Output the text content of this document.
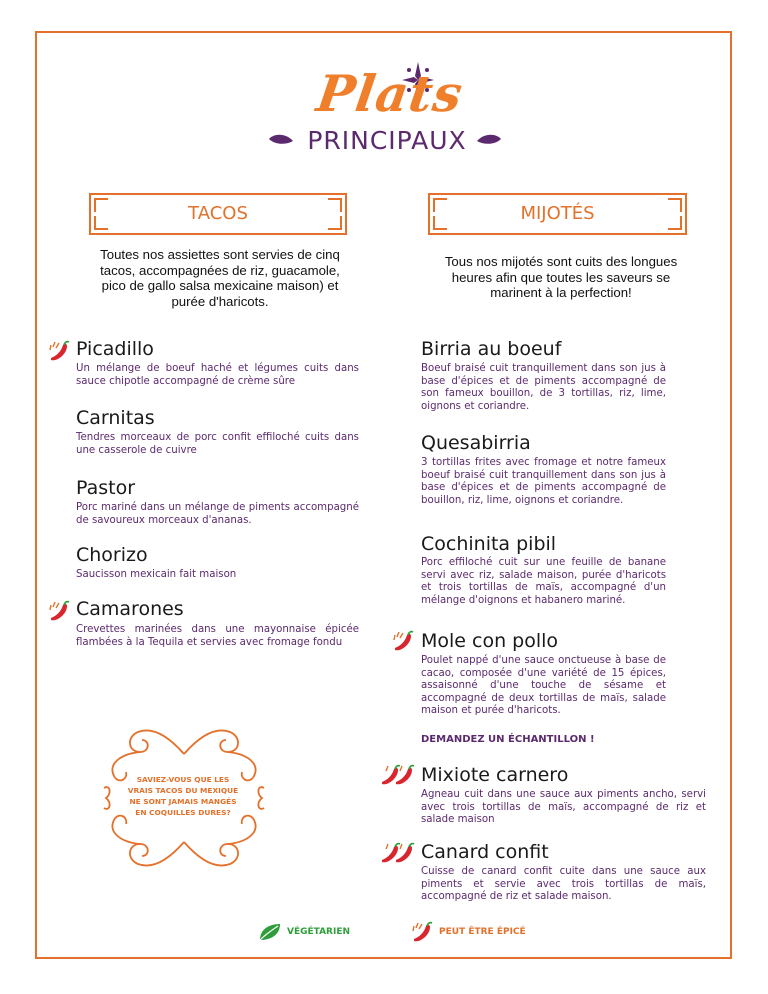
Plats
PRINCIPAUX
TACOS	MIJOTÉS
Toutes nos assiettes sont servies de cinq tacos, accompagnées de riz, guacamole, pico de gallo salsa mexicaine maison) et purée d'haricots.
Tous nos mijotés sont cuits des longues heures afin que toutes les saveurs se marinent à la perfection!
Picadillo
Un mélange de boeuf haché et légumes cuits dans sauce chipotle accompagné de crème sûre
Carnitas
Tendres morceaux de porc confit effiloché cuits dans une casserole de cuivre
Pastor
Porc mariné dans un mélange de piments accompagné de savoureux morceaux d'ananas.
Chorizo
Saucisson mexicain fait maison
Camarones
Crevettes marinées dans une mayonnaise épicée flambées à la Tequila et servies avec fromage fondu
SAVIEZ-VOUS QUE LES VRAIS TACOS DU MEXIQUE NE SONT JAMAIS MANGÉS EN COQUILLES DURES?
Birria au boeuf
Boeuf braisé cuit tranquillement dans son jus à base d'épices et de piments accompagné de son fameux bouillon, de 3 tortillas, riz, lime, oignons et coriandre.
Quesabirria
3 tortillas frites avec fromage et notre fameux boeuf braisé cuit tranquillement dans son jus à base d'épices et de piments accompagné de bouillon, riz, lime, oignons et coriandre.
Cochinita pibil
Porc effiloché cuit sur une feuille de banane servi avec riz, salade maison, purée d'haricots et trois tortillas de maïs, accompagné d'un mélange d'oignons et habanero mariné.
Mole con pollo
Poulet nappé d'une sauce onctueuse à base de cacao, composée d'une variété de 15 épices, assaisonné d'une touche de sésame et accompagné de deux tortillas de maïs, salade maison et purée d'haricots.
DEMANDEZ UN ÉCHANTILLON !
Mixiote carnero
Agneau cuit dans une sauce aux piments ancho, servi avec trois tortillas de maïs, accompagné de riz et salade maison
Canard confit
Cuisse de canard confit cuite dans une sauce aux piments et servie avec trois tortillas de maïs, accompagné de riz et salade maison.
VÉGÉTARIEN	PEUT ÊTRE ÉPICÉ
